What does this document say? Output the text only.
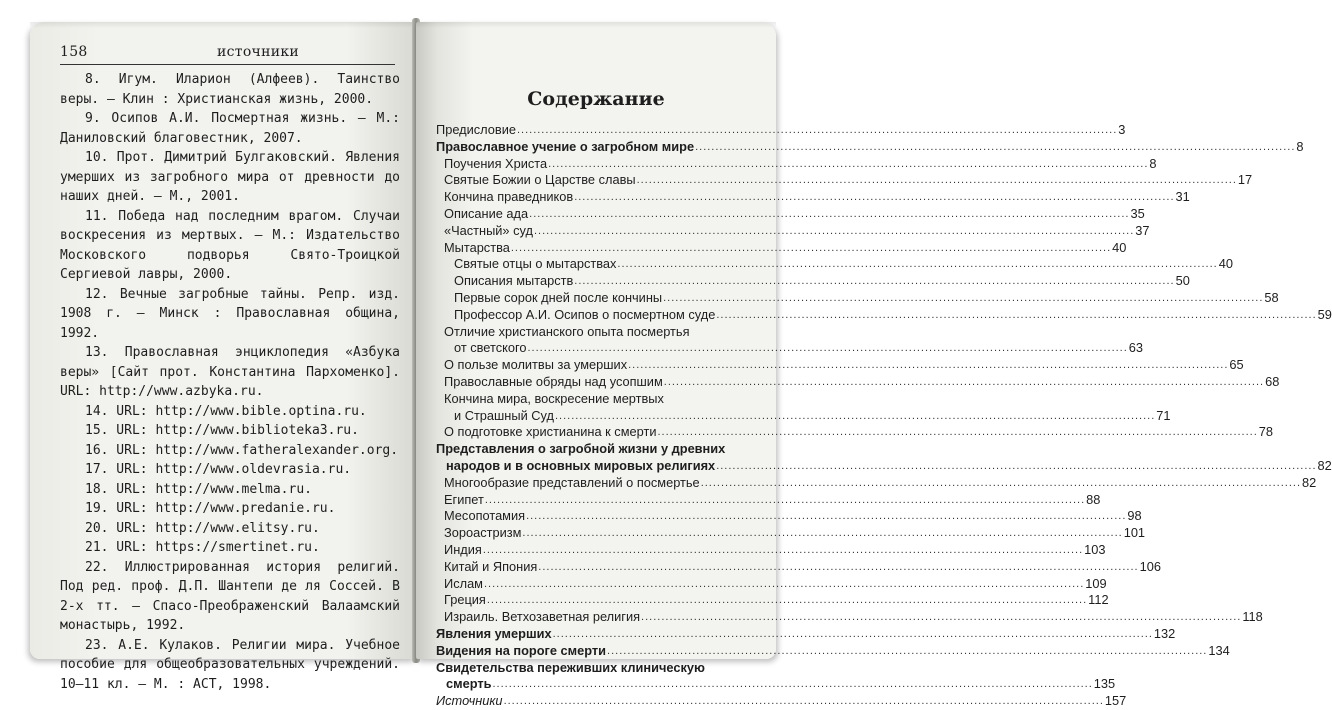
158	источники

8. Игум. Иларион (Алфеев). Таинство веры. – Клин : Христианская жизнь, 2000.

9. Осипов А.И. Посмертная жизнь. – М.: Даниловский благовестник, 2007.

10. Прот. Димитрий Булгаковский. Явления умерших из загробного мира от древности до наших дней. – М., 2001.

11. Победа над последним врагом. Случаи воскресения из мертвых. – М.: Издательство Московского подворья Свято-Троицкой Сергиевой лавры, 2000.

12. Вечные загробные тайны. Репр. изд. 1908 г. – Минск : Православная община, 1992.

13. Православная энциклопедия «Азбука веры» [Сайт прот. Константина Пархоменко]. URL: http://www.azbyka.ru.

14. URL: http://www.bible.optina.ru.

15. URL: http://www.biblioteka3.ru.

16. URL: http://www.fatheralexander.org.

17. URL: http://www.oldevrasia.ru.

18. URL: http://www.melma.ru.

19. URL: http://www.predanie.ru.

20. URL: http://www.elitsy.ru.

21. URL: https://smertinet.ru.

22. Иллюстрированная история религий. Под ред. проф. Д.П. Шантепи де ля Соссей. В 2-х тт. – Спасо-Преображенский Валаамский монастырь, 1992.

23. А.Е. Кулаков. Религии мира. Учебное пособие для общеобразовательных учреждений. 10–11 кл. – М. : АСТ, 1998.

Содержание
Предисловие .....	3
Православное учение о загробном мире .....	8
Поучения Христа .....	8
Святые Божии о Царстве славы .....	17
Кончина праведников .....	31
Описание ада .....	35
«Частный» суд .....	37
Мытарства .....	40
Святые отцы о мытарствах .....	40
Описания мытарств .....	50
Первые сорок дней после кончины .....	58
Профессор А.И. Осипов о посмертном суде .....	59
Отличие христианского опыта посмертья
от светского .....	63
О пользе молитвы за умерших .....	65
Православные обряды над усопшим .....	68
Кончина мира, воскресение мертвых
и Страшный Суд .....	71
О подготовке христианина к смерти .....	78
Представления о загробной жизни у древних
народов и в основных мировых религиях .....	82
Многообразие представлений о посмертье .....	82
Египет .....	88
Месопотамия .....	98
Зороастризм .....	101
Индия .....	103
Китай и Япония .....	106
Ислам .....	109
Греция .....	112
Израиль. Ветхозаветная религия .....	118
Явления умерших .....	132
Видения на пороге смерти .....	134
Свидетельства переживших клиническую
смерть .....	135
Источники .....	157
